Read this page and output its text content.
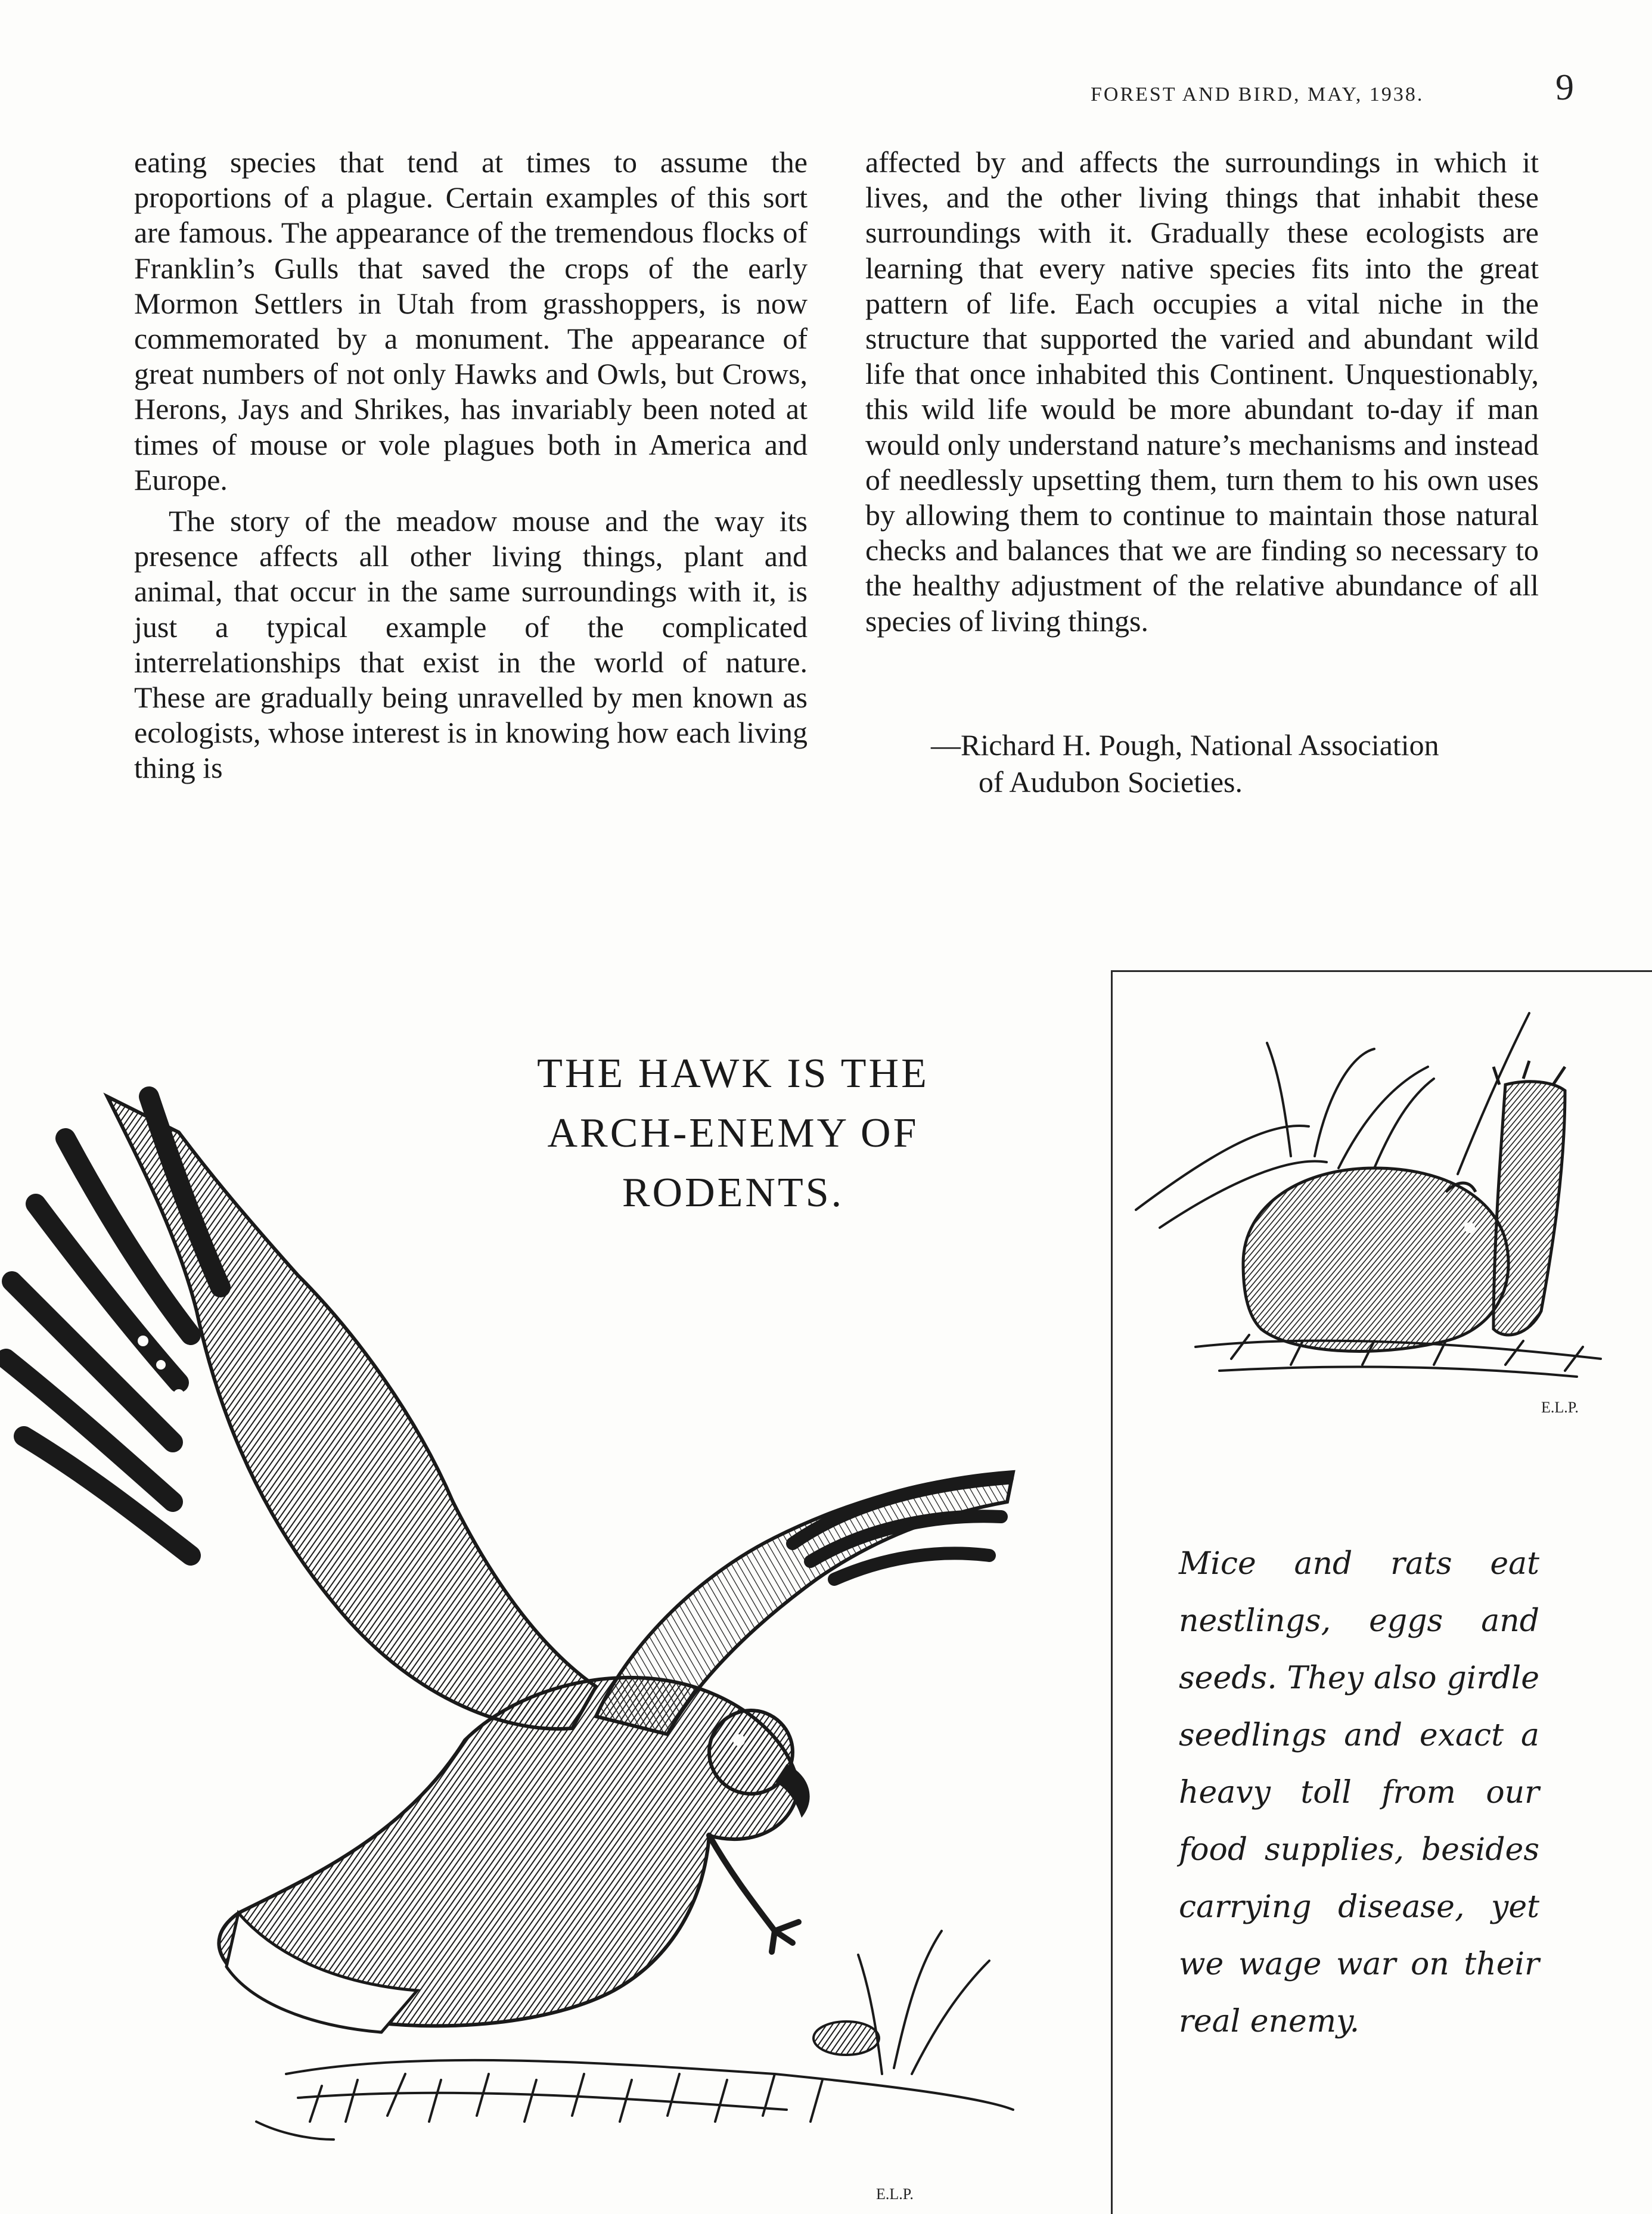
FOREST AND BIRD, MAY, 1938.	9

eating species that tend at times to assume the proportions of a plague. Certain examples of this sort are famous. The appearance of the tremendous flocks of Franklin’s Gulls that saved the crops of the early Mormon Settlers in Utah from grasshoppers, is now commemorated by a monument. The appearance of great numbers of not only Hawks and Owls, but Crows, Herons, Jays and Shrikes, has invariably been noted at times of mouse or vole plagues both in America and Europe.

The story of the meadow mouse and the way its presence affects all other living things, plant and animal, that occur in the same surroundings with it, is just a typical example of the complicated interrelationships that exist in the world of nature. These are gradually being unravelled by men known as ecologists, whose interest is in knowing how each living thing is

affected by and affects the surroundings in which it lives, and the other living things that inhabit these surroundings with it. Gradually these ecologists are learning that every native species fits into the great pattern of life. Each occupies a vital niche in the structure that supported the varied and abundant wild life that once inhabited this Continent. Unquestionably, this wild life would be more abundant to-day if man would only understand nature’s mechanisms and instead of needlessly upsetting them, turn them to his own uses by allowing them to continue to maintain those natural checks and balances that we are finding so necessary to the healthy adjustment of the relative abundance of all species of living things.

—Richard H. Pough, National Association
of Audubon Societies.
THE HAWK IS THE
ARCH-ENEMY OF
RODENTS.
E.L.P.
E.L.P.
Mice and rats eat nestlings, eggs and seeds. They also girdle seedlings and exact a heavy toll from our food supplies, besides carrying disease, yet we wage war on their real enemy.
